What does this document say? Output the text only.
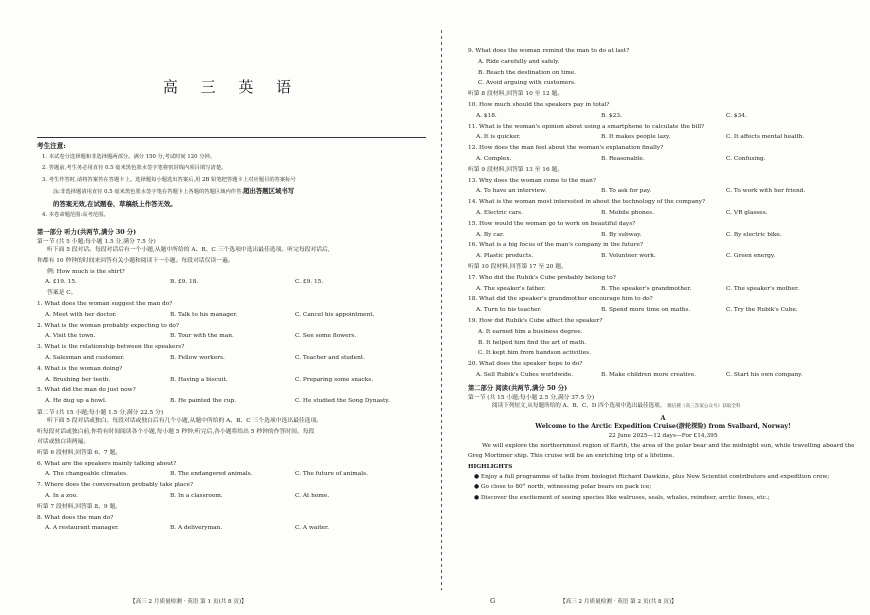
高 三 英 语
考生注意:
1. 本试卷分选择题和非选择题两部分。满分 150 分,考试时间 120 分钟。
2. 答题前,考生务必用直径 0.5 毫米黑色墨水签字笔将密封线内项目填写清楚。
3. 考生作答时,请将答案答在答题卡上。选择题每小题选出答案后,用 2B 铅笔把答题卡上对应题目的答案标号
涂;非选择题请用直径 0.5 毫米黑色墨水签字笔在答题卡上各题的答题区域内作答,超出答题区域书写
的答案无效,在试题卷、草稿纸上作答无效。
4. 本卷命题范围:高考范围。
第一部分 听力(共两节,满分 30 分)
第一节 (共 5 小题;每小题 1.5 分,满分 7.5 分)
听下面 5 段对话。每段对话后有一个小题,从题中所给的 A、B、C 三个选项中选出最佳选项。听完每段对话后,
你都有 10 秒钟的时间来回答有关小题和阅读下一小题。每段对话仅读一遍。
例: How much is the shirt?
A. £19. 15.	B. £9. 18.	C. £9. 15.
答案是 C。
1. What does the woman suggest the man do?
A. Meet with her doctor.	B. Talk to his manager.	C. Cancel his appointment.
2. What is the woman probably expecting to do?
A. Visit the town.	B. Tour with the man.	C. See some flowers.
3. What is the relationship between the speakers?
A. Salesman and customer.	B. Fellow workers.	C. Teacher and student.
4. What is the woman doing?
A. Brushing her teeth.	B. Having a biscuit.	C. Preparing some snacks.
5. What did the man do just now?
A. He dug up a bowl.	B. He painted the cup.	C. He studied the Song Dynasty.
第二节 (共 15 小题;每小题 1.5 分,满分 22.5 分)
听下面 5 段对话或独白。每段对话或独白后有几个小题,从题中所给的 A、B、C 三个选项中选出最佳选项。
听每段对话或独白前,你将有时间阅读各个小题,每小题 5 秒钟;听完后,各小题将给出 5 秒钟的作答时间。每段
对话或独白读两遍。
听第 6 段材料,回答第 6、7 题。
6. What are the speakers mainly talking about?
A. The changeable climates.	B. The endangered animals.	C. The future of animals.
7. Where does the conversation probably take place?
A. In a zoo.	B. In a classroom.	C. At home.
听第 7 段材料,回答第 8、9 题。
8. What does the man do?
A. A restaurant manager.	B. A deliveryman.	C. A waiter.
【高三 2 月质量检测 · 英语 第 1 页(共 8 页)】	G
9. What does the woman remind the man to do at last?
A. Ride carefully and safely.
B. Reach the destination on time.
C. Avoid arguing with customers.
听第 8 段材料,回答第 10 至 12 题。
10. How much should the speakers pay in total?
A. $18.	B. $23.	C. $34.
11. What is the woman's opinion about using a smartphone to calculate the bill?
A. It is quicker.	B. It makes people lazy.	C. It affects mental health.
12. How does the man feel about the woman's explanation finally?
A. Complex.	B. Reasonable.	C. Confusing.
听第 9 段材料,回答第 13 至 16 题。
13. Why does the woman come to the man?
A. To have an interview.	B. To ask for pay.	C. To work with her friend.
14. What is the woman most interested in about the technology of the company?
A. Electric cars.	B. Mobile phones.	C. VR glasses.
15. How would the woman go to work on beautiful days?
A. By car.	B. By subway.	C. By electric bike.
16. What is a big focus of the man's company in the future?
A. Plastic products.	B. Volunteer work.	C. Green energy.
听第 10 段材料,回答第 17 至 20 题。
17. Who did the Rubik's Cube probably belong to?
A. The speaker's father.	B. The speaker's grandmother.	C. The speaker's mother.
18. What did the speaker's grandmother encourage him to do?
A. Turn to his teacher.	B. Spend more time on maths.	C. Try the Rubik's Cube.
19. How did Rubik's Cube affect the speaker?
A. It earned him a business degree.
B. It helped him find the art of math.
C. It kept him from handson activities.
20. What does the speaker hope to do?
A. Sell Rubik's Cubes worldwide.	B. Make children more creative.	C. Start his own company.
第二部分 阅读(共两节,满分 50 分)
第一节 (共 15 小题;每小题 2.5 分,满分 37.5 分)
阅读下列短文,从每题所给的 A、B、C、D 四个选项中选出最佳选项。 微信搜《高三答案公众号》获取全科
A
Welcome to the Arctic Expedition Cruise(游轮探险) from Svalbard, Norway!
22 June 2025—12 days—For £14,395

We will explore the northernmost region of Earth, the area of the polar bear and the midnight sun, while travelling aboard the Greg Mortimer ship. This cruise will be an enriching trip of a lifetime.

HIGHLIGHTS
● Enjoy a full programme of talks from biologist Richard Dawkins, plus New Scientist contributors and expedition crew;
● Go close to 80° north, witnessing polar bears on pack ice;
● Discover the excitement of seeing species like walruses, seals, whales, reindeer, arctic foxes, etc.;
【高三 2 月质量检测 · 英语 第 2 页(共 8 页)】
